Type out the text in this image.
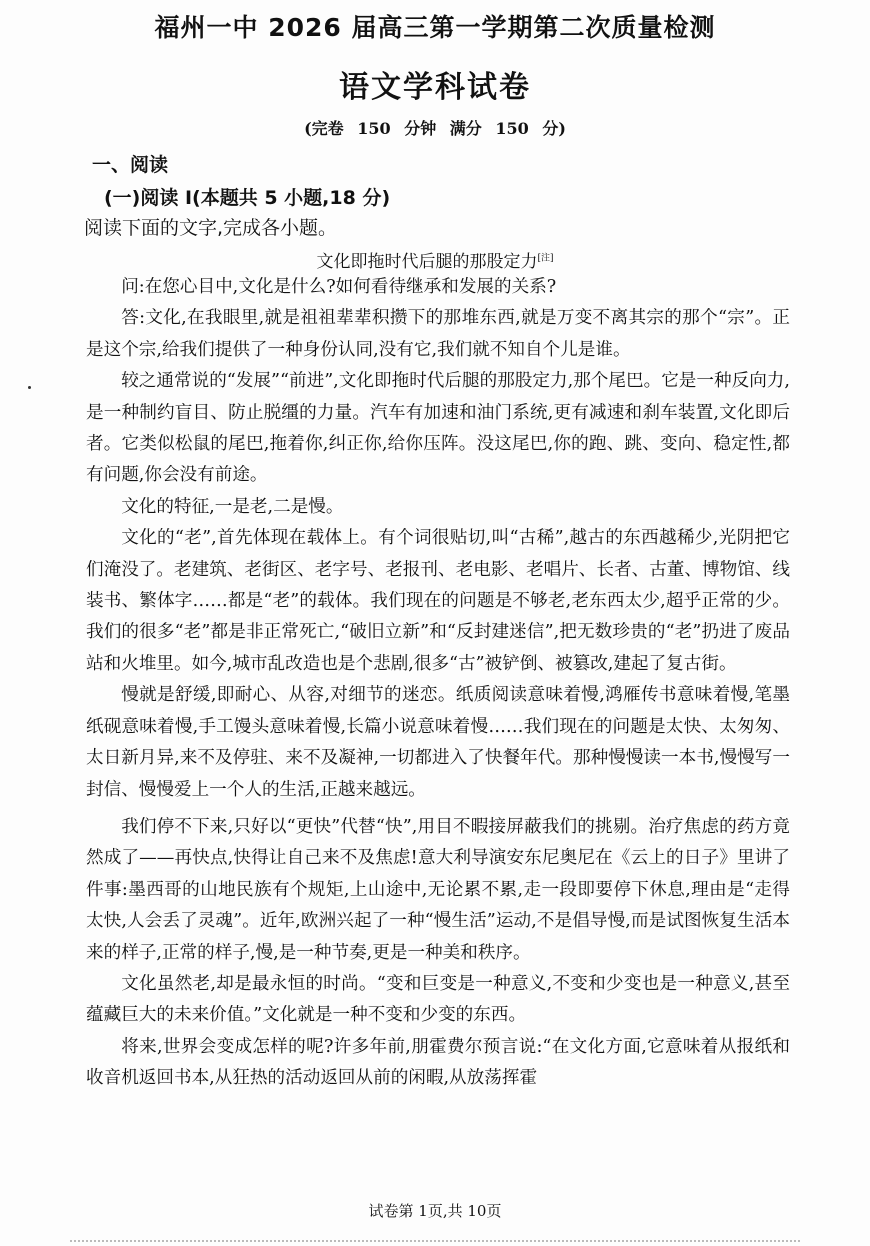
福州一中 2026 届高三第一学期第二次质量检测
语文学科试卷
(完卷 150 分钟 满分 150 分)
一、阅读
(一)阅读 I(本题共 5 小题,18 分)
阅读下面的文字,完成各小题。
文化即拖时代后腿的那股定力[注]

问:在您心目中,文化是什么?如何看待继承和发展的关系?

答:文化,在我眼里,就是祖祖辈辈积攒下的那堆东西,就是万变不离其宗的那个“宗”。正是这个宗,给我们提供了一种身份认同,没有它,我们就不知自个儿是谁。

较之通常说的“发展”“前进”,文化即拖时代后腿的那股定力,那个尾巴。它是一种反向力,是一种制约盲目、防止脱缰的力量。汽车有加速和油门系统,更有减速和刹车装置,文化即后者。它类似松鼠的尾巴,拖着你,纠正你,给你压阵。没这尾巴,你的跑、跳、变向、稳定性,都有问题,你会没有前途。

文化的特征,一是老,二是慢。

文化的“老”,首先体现在载体上。有个词很贴切,叫“古稀”,越古的东西越稀少,光阴把它们淹没了。老建筑、老街区、老字号、老报刊、老电影、老唱片、长者、古董、博物馆、线装书、繁体字……都是“老”的载体。我们现在的问题是不够老,老东西太少,超乎正常的少。我们的很多“老”都是非正常死亡,“破旧立新”和“反封建迷信”,把无数珍贵的“老”扔进了废品站和火堆里。如今,城市乱改造也是个悲剧,很多“古”被铲倒、被篡改,建起了复古街。

慢就是舒缓,即耐心、从容,对细节的迷恋。纸质阅读意味着慢,鸿雁传书意味着慢,笔墨纸砚意味着慢,手工馒头意味着慢,长篇小说意味着慢……我们现在的问题是太快、太匆匆、太日新月异,来不及停驻、来不及凝神,一切都进入了快餐年代。那种慢慢读一本书,慢慢写一封信、慢慢爱上一个人的生活,正越来越远。

我们停不下来,只好以“更快”代替“快”,用目不暇接屏蔽我们的挑剔。治疗焦虑的药方竟然成了——再快点,快得让自己来不及焦虑!意大利导演安东尼奥尼在《云上的日子》里讲了件事:墨西哥的山地民族有个规矩,上山途中,无论累不累,走一段即要停下休息,理由是“走得太快,人会丢了灵魂”。近年,欧洲兴起了一种“慢生活”运动,不是倡导慢,而是试图恢复生活本来的样子,正常的样子,慢,是一种节奏,更是一种美和秩序。

文化虽然老,却是最永恒的时尚。“变和巨变是一种意义,不变和少变也是一种意义,甚至蕴藏巨大的未来价值。”文化就是一种不变和少变的东西。

将来,世界会变成怎样的呢?许多年前,朋霍费尔预言说:“在文化方面,它意味着从报纸和收音机返回书本,从狂热的活动返回从前的闲暇,从放荡挥霍

试卷第 1页,共 10页
